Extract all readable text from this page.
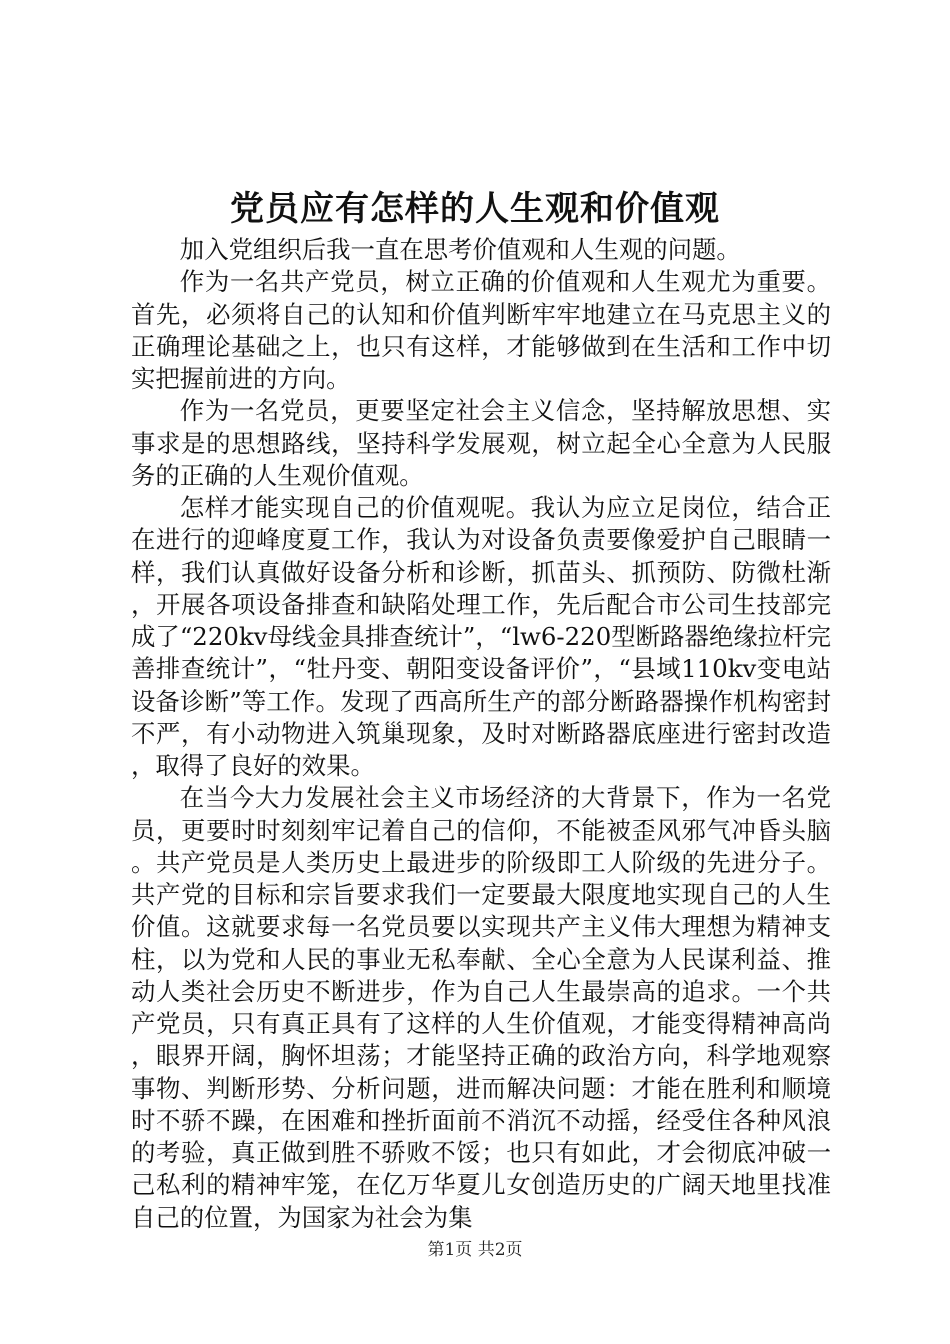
党员应有怎样的人生观和价值观

加入党组织后我一直在思考价值观和人生观的问题。

作为一名共产党员，树立正确的价值观和人生观尤为重要。首先，必须将自己的认知和价值判断牢牢地建立在马克思主义的正确理论基础之上，也只有这样，才能够做到在生活和工作中切实把握前进的方向。

作为一名党员，更要坚定社会主义信念，坚持解放思想、实事求是的思想路线，坚持科学发展观，树立起全心全意为人民服务的正确的人生观价值观。

怎样才能实现自己的价值观呢。我认为应立足岗位，结合正在进行的迎峰度夏工作，我认为对设备负责要像爱护自己眼睛一样，我们认真做好设备分析和诊断，抓苗头、抓预防、防微杜渐，开展各项设备排查和缺陷处理工作，先后配合市公司生技部完成了“220kv母线金具排查统计”，“lw6-220型断路器绝缘拉杆完善排查统计”，“牡丹变、朝阳变设备评价”，“县域110kv变电站设备诊断”等工作。发现了西高所生产的部分断路器操作机构密封不严，有小动物进入筑巢现象，及时对断路器底座进行密封改造，取得了良好的效果。

在当今大力发展社会主义市场经济的大背景下，作为一名党员，更要时时刻刻牢记着自己的信仰，不能被歪风邪气冲昏头脑。共产党员是人类历史上最进步的阶级即工人阶级的先进分子。共产党的目标和宗旨要求我们一定要最大限度地实现自己的人生价值。这就要求每一名党员要以实现共产主义伟大理想为精神支柱，以为党和人民的事业无私奉献、全心全意为人民谋利益、推动人类社会历史不断进步，作为自己人生最崇高的追求。一个共产党员，只有真正具有了这样的人生价值观，才能变得精神高尚，眼界开阔，胸怀坦荡；才能坚持正确的政治方向，科学地观察事物、判断形势、分析问题，进而解决问题：才能在胜利和顺境时不骄不躁，在困难和挫折面前不消沉不动摇，经受住各种风浪的考验，真正做到胜不骄败不馁；也只有如此，才会彻底冲破一己私利的精神牢笼，在亿万华夏儿女创造历史的广阔天地里找准自己的位置，为国家为社会为集

第1页 共2页
